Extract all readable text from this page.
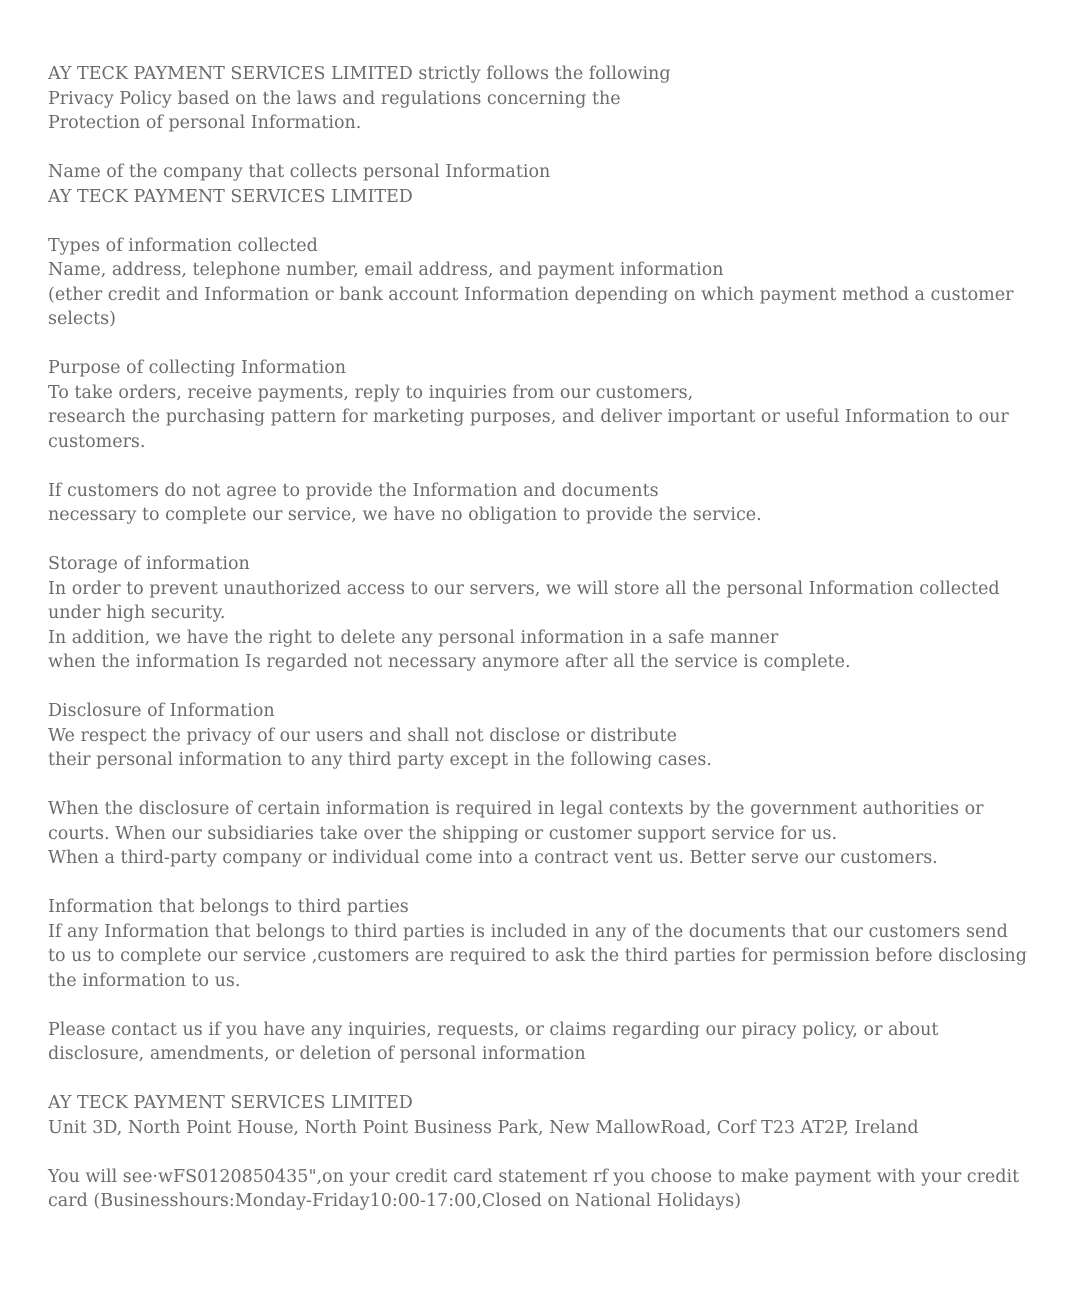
AY TECK PAYMENT SERVICES LIMITED strictly follows the following
Privacy Policy based on the laws and regulations concerning the
Protection of personal Information.
Name of the company that collects personal Information
AY TECK PAYMENT SERVICES LIMITED
Types of information collected
Name, address, telephone number, email address, and payment information
(ether credit and Information or bank account Information depending on which payment method a customer
selects)
Purpose of collecting Information
To take orders, receive payments, reply to inquiries from our customers,
research the purchasing pattern for marketing purposes, and deliver important or useful Information to our
customers.
If customers do not agree to provide the Information and documents
necessary to complete our service, we have no obligation to provide the service.
Storage of information
In order to prevent unauthorized access to our servers, we will store all the personal Information collected
under high security.
In addition, we have the right to delete any personal information in a safe manner
when the information Is regarded not necessary anymore after all the service is complete.
Disclosure of Information
We respect the privacy of our users and shall not disclose or distribute
their personal information to any third party except in the following cases.
When the disclosure of certain information is required in legal contexts by the government authorities or
courts. When our subsidiaries take over the shipping or customer support service for us.
When a third-party company or individual come into a contract vent us. Better serve our customers.
Information that belongs to third parties
If any Information that belongs to third parties is included in any of the documents that our customers send
to us to complete our service ,customers are required to ask the third parties for permission before disclosing
the information to us.
Please contact us if you have any inquiries, requests, or claims regarding our piracy policy, or about
disclosure, amendments, or deletion of personal information
AY TECK PAYMENT SERVICES LIMITED
Unit 3D, North Point House, North Point Business Park, New MallowRoad, Corf T23 AT2P, Ireland
You will see·wFS0120850435",on your credit card statement rf you choose to make payment with your credit
card (Businesshours:Monday-Friday10:00-17:00,Closed on National Holidays)
